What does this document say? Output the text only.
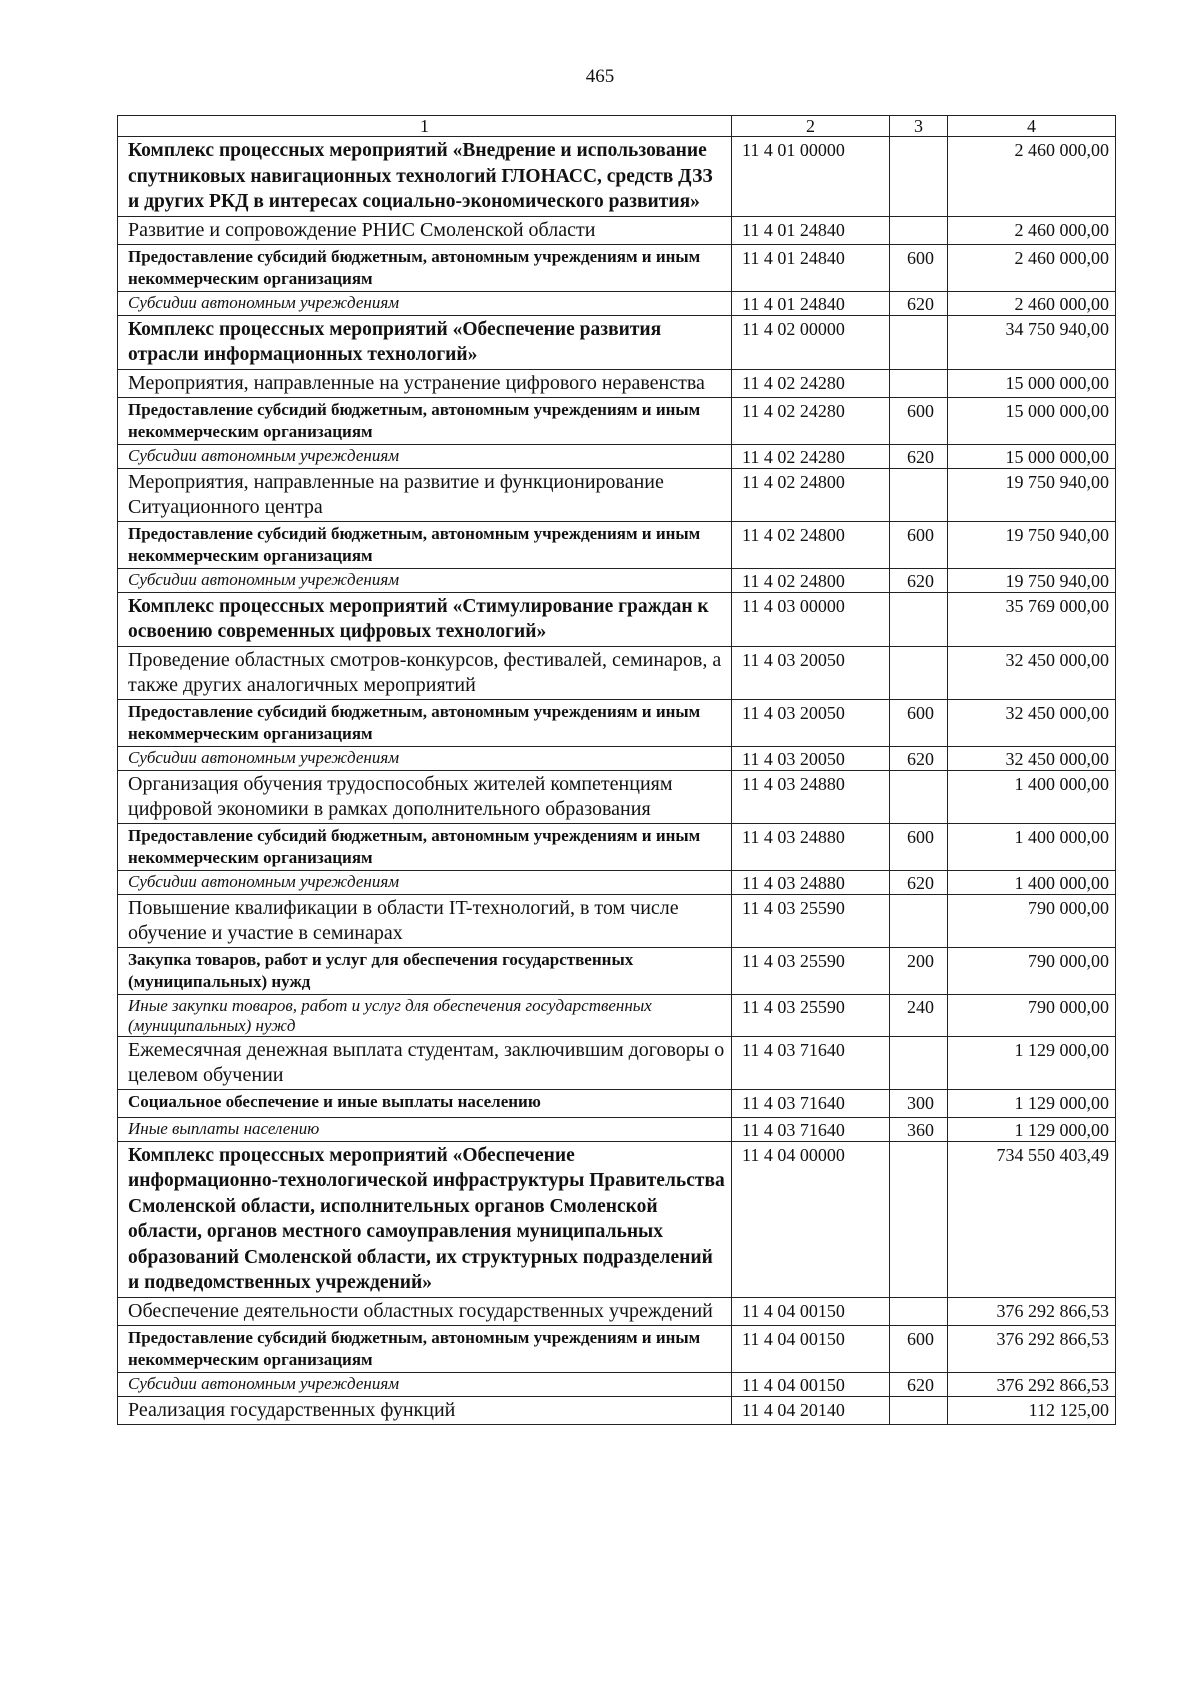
465
1	2	3	4
Комплекс процессных мероприятий «Внедрение и использование спутниковых навигационных технологий ГЛОНАСС, средств ДЗЗ и других РКД в интересах социально-экономического развития»	11 4 01 00000		2 460 000,00
Развитие и сопровождение РНИС Смоленской области	11 4 01 24840		2 460 000,00
Предоставление субсидий бюджетным, автономным учреждениям и иным некоммерческим организациям	11 4 01 24840	600	2 460 000,00
Субсидии автономным учреждениям	11 4 01 24840	620	2 460 000,00
Комплекс процессных мероприятий «Обеспечение развития отрасли информационных технологий»	11 4 02 00000		34 750 940,00
Мероприятия, направленные на устранение цифрового неравенства	11 4 02 24280		15 000 000,00
Предоставление субсидий бюджетным, автономным учреждениям и иным некоммерческим организациям	11 4 02 24280	600	15 000 000,00
Субсидии автономным учреждениям	11 4 02 24280	620	15 000 000,00
Мероприятия, направленные на развитие и функционирование Ситуационного центра	11 4 02 24800		19 750 940,00
Предоставление субсидий бюджетным, автономным учреждениям и иным некоммерческим организациям	11 4 02 24800	600	19 750 940,00
Субсидии автономным учреждениям	11 4 02 24800	620	19 750 940,00
Комплекс процессных мероприятий «Стимулирование граждан к освоению современных цифровых технологий»	11 4 03 00000		35 769 000,00
Проведение областных смотров-конкурсов, фестивалей, семинаров, а также других аналогичных мероприятий	11 4 03 20050		32 450 000,00
Предоставление субсидий бюджетным, автономным учреждениям и иным некоммерческим организациям	11 4 03 20050	600	32 450 000,00
Субсидии автономным учреждениям	11 4 03 20050	620	32 450 000,00
Организация обучения трудоспособных жителей компетенциям цифровой экономики в рамках дополнительного образования	11 4 03 24880		1 400 000,00
Предоставление субсидий бюджетным, автономным учреждениям и иным некоммерческим организациям	11 4 03 24880	600	1 400 000,00
Субсидии автономным учреждениям	11 4 03 24880	620	1 400 000,00
Повышение квалификации в области IT-технологий, в том числе обучение и участие в семинарах	11 4 03 25590		790 000,00
Закупка товаров, работ и услуг для обеспечения государственных (муниципальных) нужд	11 4 03 25590	200	790 000,00
Иные закупки товаров, работ и услуг для обеспечения государственных (муниципальных) нужд	11 4 03 25590	240	790 000,00
Ежемесячная денежная выплата студентам, заключившим договоры о целевом обучении	11 4 03 71640		1 129 000,00
Социальное обеспечение и иные выплаты населению	11 4 03 71640	300	1 129 000,00
Иные выплаты населению	11 4 03 71640	360	1 129 000,00
Комплекс процессных мероприятий «Обеспечение информационно-технологической инфраструктуры Правительства Смоленской области, исполнительных органов Смоленской области, органов местного самоуправления муниципальных образований Смоленской области, их структурных подразделений и подведомственных учреждений»	11 4 04 00000		734 550 403,49
Обеспечение деятельности областных государственных учреждений	11 4 04 00150		376 292 866,53
Предоставление субсидий бюджетным, автономным учреждениям и иным некоммерческим организациям	11 4 04 00150	600	376 292 866,53
Субсидии автономным учреждениям	11 4 04 00150	620	376 292 866,53
Реализация государственных функций	11 4 04 20140		112 125,00
